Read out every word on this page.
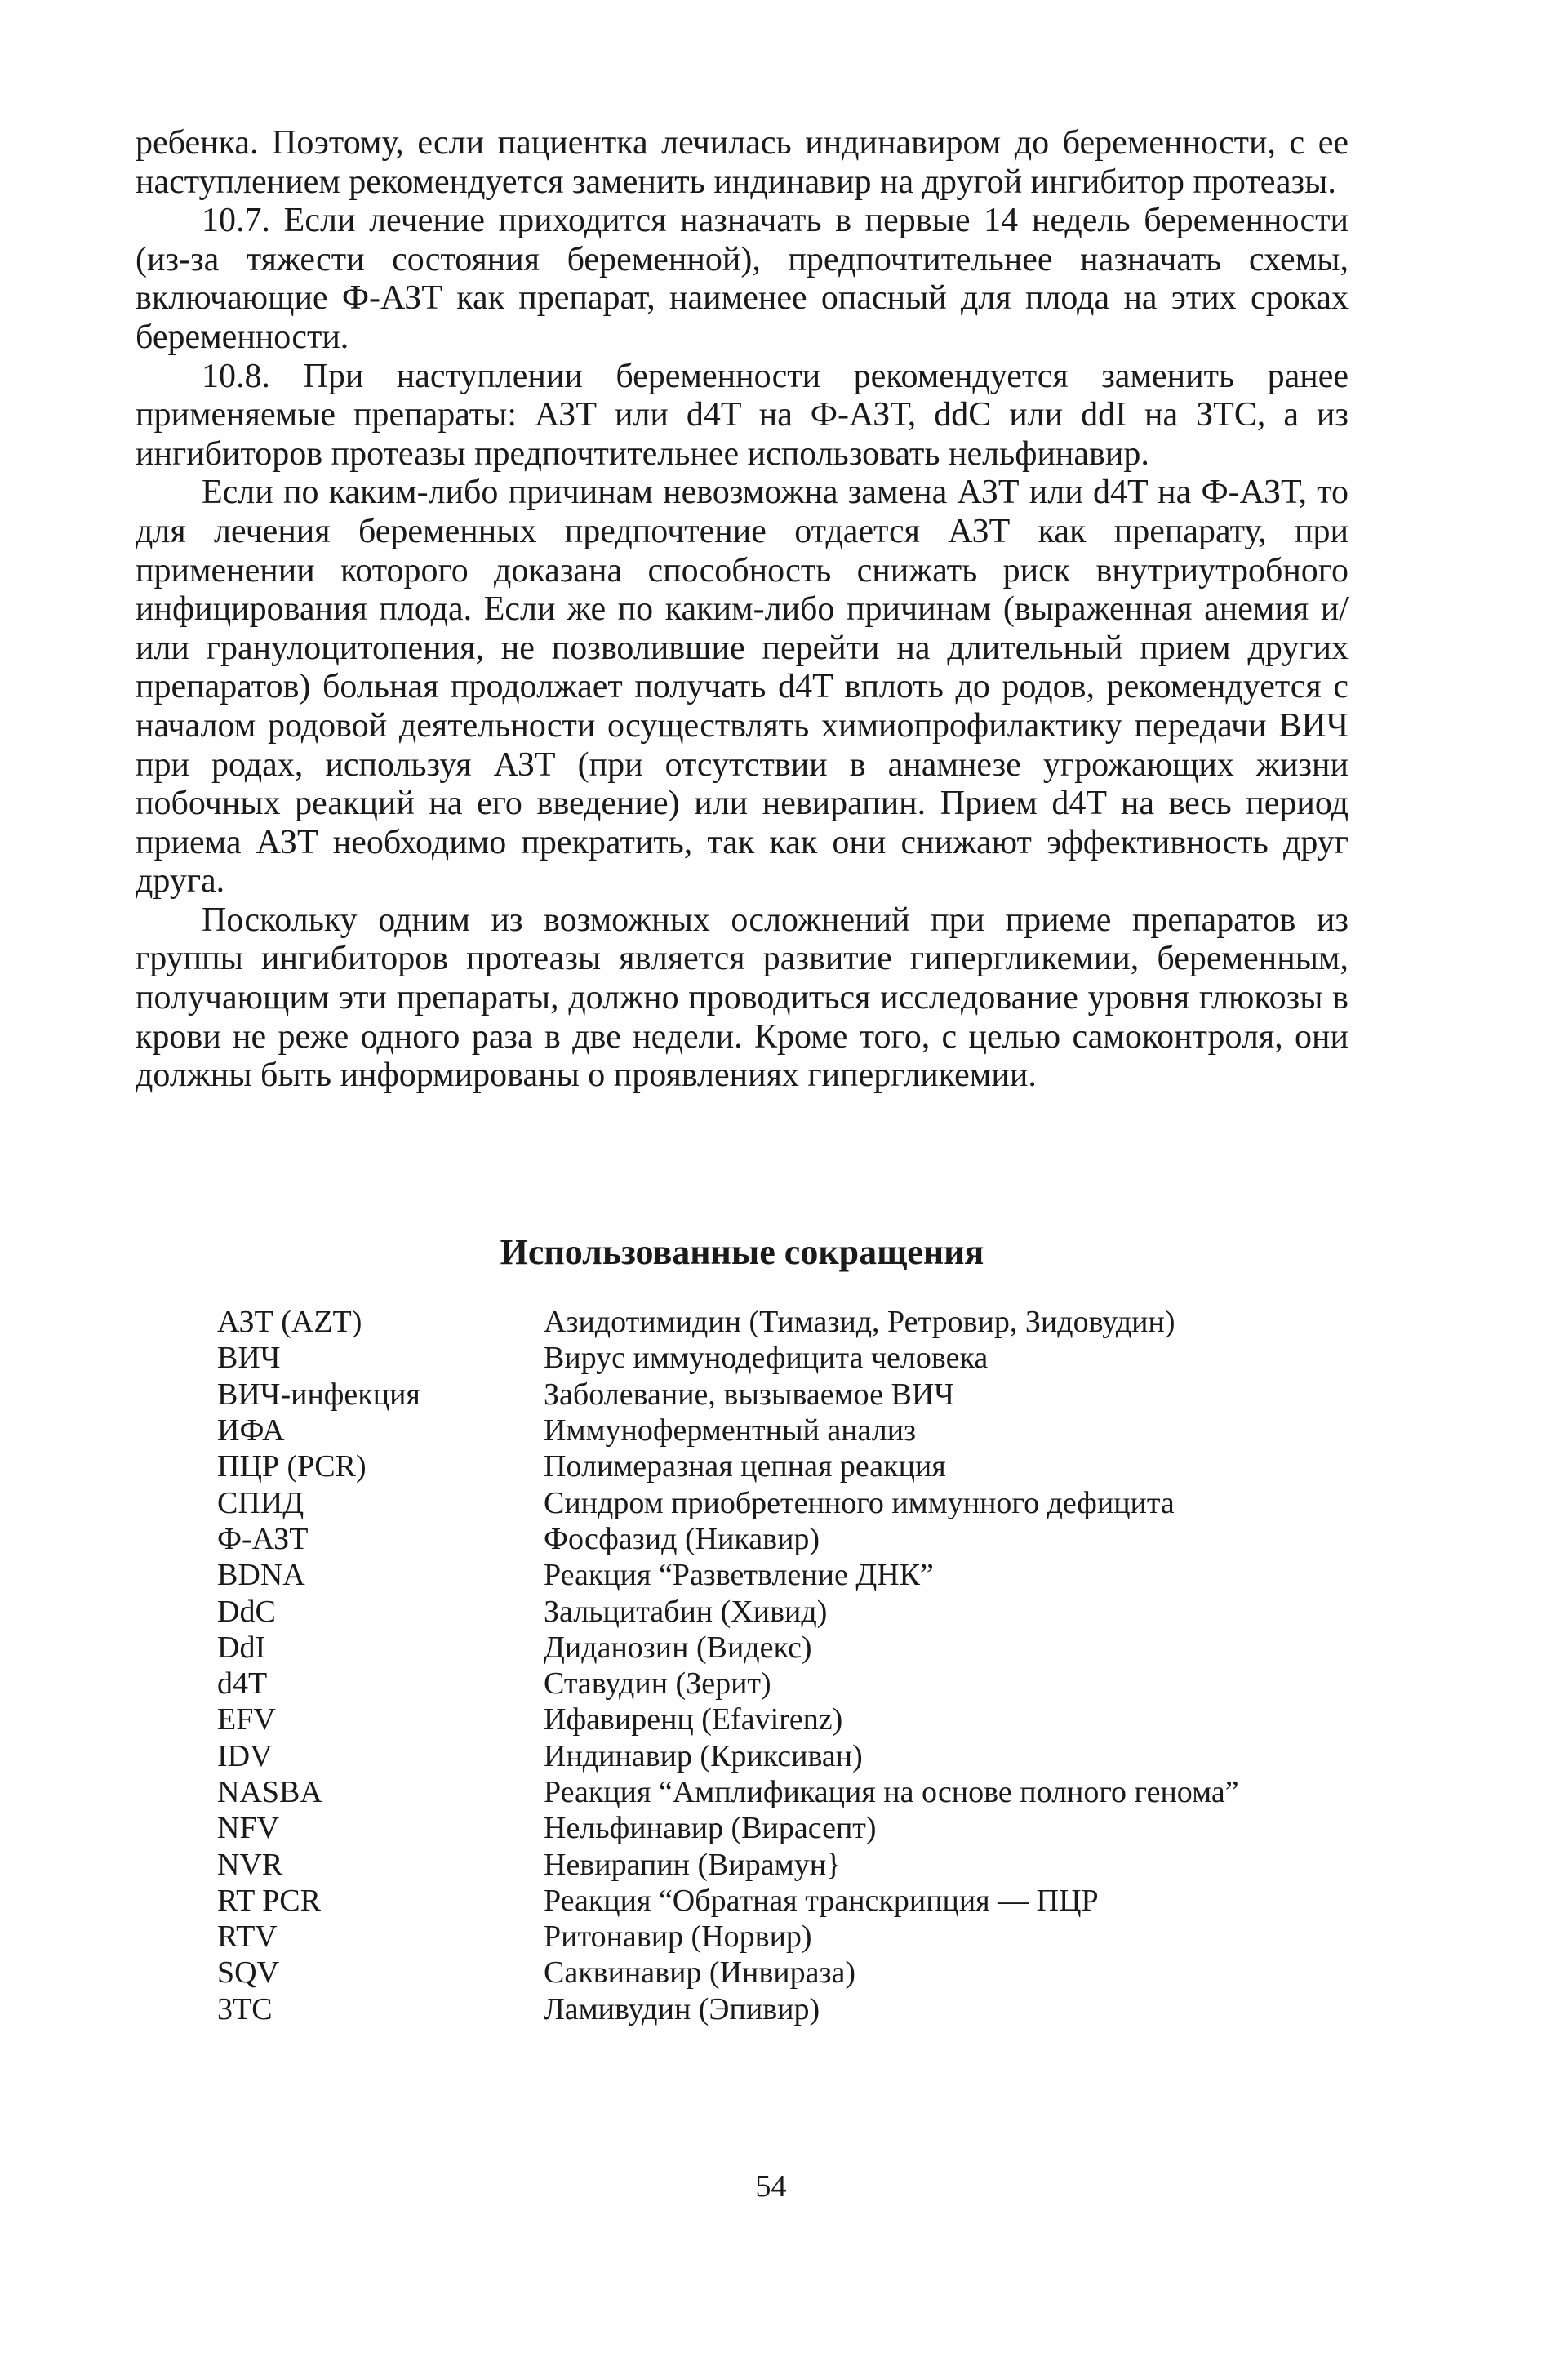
ребенка. Поэтому, если пациентка лечилась индинавиром до беременности, с ее наступлением рекомендуется заменить индинавир на другой ингибитор протеазы.

10.7. Если лечение приходится назначать в первые 14 недель беременности (из-за тяжести состояния беременной), предпочтительнее назначать схемы, включающие Ф-АЗТ как препарат, наименее опасный для плода на этих сроках беременности.

10.8. При наступлении беременности рекомендуется заменить ранее применяемые препараты: АЗТ или d4T на Ф-АЗТ, ddC или ddI на ЗТС, а из ингибиторов протеазы предпочтительнее использовать нельфинавир.

Если по каким-либо причинам невозможна замена АЗТ или d4T на Ф-АЗТ, то для лечения беременных предпочтение отдается АЗТ как препарату, при применении которого доказана способность снижать риск внутриутробного инфицирования плода. Если же по каким-либо причинам (выраженная анемия и/или гранулоцитопения, не позволившие перейти на длительный прием других препаратов) больная продолжает получать d4T вплоть до родов, рекомендуется с началом родовой деятельности осуществлять химиопрофилактику передачи ВИЧ при родах, используя АЗТ (при отсутствии в анамнезе угрожающих жизни побочных реакций на его введение) или невирапин. Прием d4T на весь период приема АЗТ необходимо прекратить, так как они снижают эффективность друг друга.

Поскольку одним из возможных осложнений при приеме препаратов из группы ингибиторов протеазы является развитие гипергликемии, беременным, получающим эти препараты, должно проводиться исследование уровня глюкозы в крови не реже одного раза в две недели. Кроме того, с целью самоконтроля, они должны быть информированы о проявлениях гипергликемии.

Использованные сокращения
АЗТ (AZT)	Азидотимидин (Тимазид, Ретровир, Зидовудин)
ВИЧ	Вирус иммунодефицита человека
ВИЧ-инфекция	Заболевание, вызываемое ВИЧ
ИФА	Иммуноферментный анализ
ПЦР (PCR)	Полимеразная цепная реакция
СПИД	Синдром приобретенного иммунного дефицита
Ф-АЗТ	Фосфазид (Никавир)
BDNA	Реакция “Разветвление ДНК”
DdC	Зальцитабин (Хивид)
DdI	Диданозин (Видекс)
d4T	Ставудин (Зерит)
EFV	Ифавиренц (Efavirenz)
IDV	Индинавир (Криксиван)
NASBA	Реакция “Амплификация на основе полного генома”
NFV	Нельфинавир (Вирасепт)
NVR	Невирапин (Вирамун}
RT PCR	Реакция “Обратная транскрипция — ПЦР
RTV	Ритонавир (Норвир)
SQV	Саквинавир (Инвираза)
3TC	Ламивудин (Эпивир)
54
